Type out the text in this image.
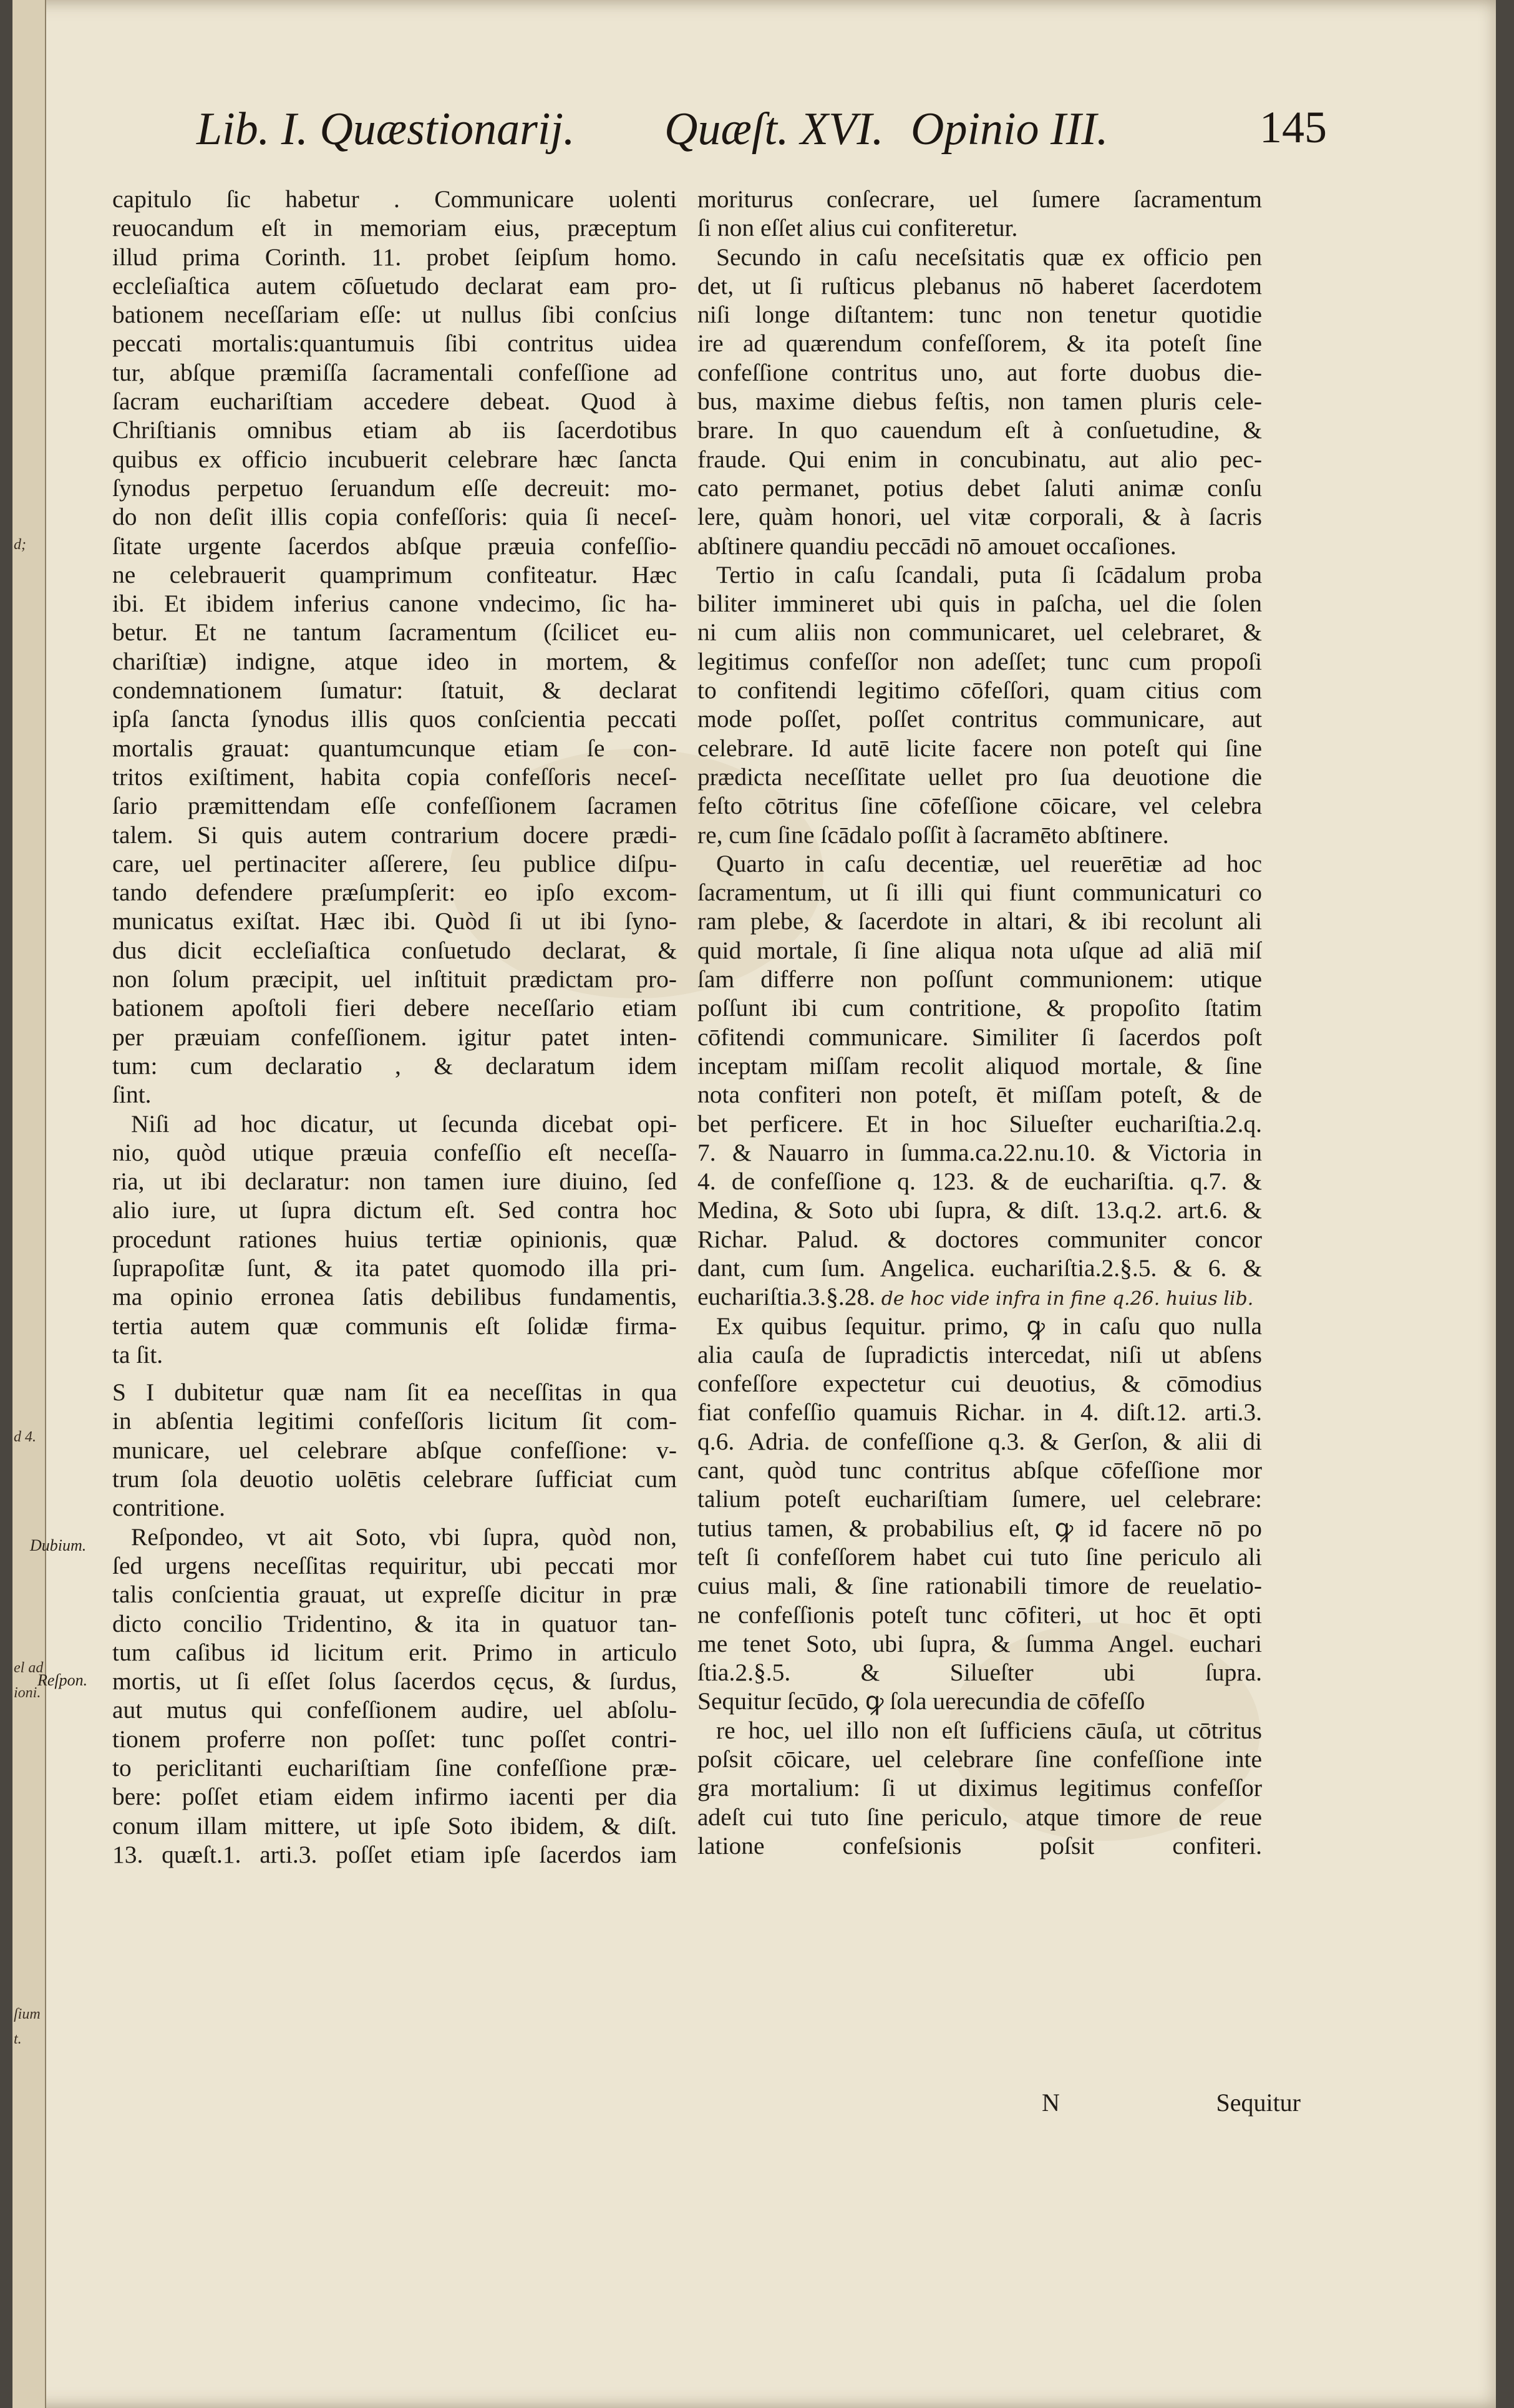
d;
d 4.
el ad
ioni.
ſium
t.
Lib. I. Quæstionarij. Quæſt. XVI. Opinio III.	145
Dubium.
Reſpon.
capitulo ſic habetur . Communicare uolenti
reuocandum eſt in memoriam eius, præceptum
illud prima Corinth. 11. probet ſeipſum homo.
eccleſiaſtica autem cōſuetudo declarat eam pro-
bationem neceſſariam eſſe: ut nullus ſibi conſcius
peccati mortalis:quantumuis ſibi contritus uidea
tur, abſque præmiſſa ſacramentali confeſſione ad
ſacram euchariſtiam accedere debeat. Quod à
Chriſtianis omnibus etiam ab iis ſacerdotibus
quibus ex officio incubuerit celebrare hæc ſancta
ſynodus perpetuo ſeruandum eſſe decreuit: mo-
do non deſit illis copia confeſſoris: quia ſi neceſ-
ſitate urgente ſacerdos abſque præuia confeſſio-
ne celebrauerit quamprimum confiteatur. Hæc
ibi. Et ibidem inferius canone vndecimo, ſic ha-
betur. Et ne tantum ſacramentum (ſcilicet eu-
chariſtiæ) indigne, atque ideo in mortem, &
condemnationem ſumatur: ſtatuit, & declarat
ipſa ſancta ſynodus illis quos conſcientia peccati
mortalis grauat: quantumcunque etiam ſe con-
tritos exiſtiment, habita copia confeſſoris neceſ-
ſario præmittendam eſſe confeſſionem ſacramen
talem. Si quis autem contrarium docere prædi-
care, uel pertinaciter aſſerere, ſeu publice diſpu-
tando defendere præſumpſerit: eo ipſo excom-
municatus exiſtat. Hæc ibi. Quòd ſi ut ibi ſyno-
dus dicit eccleſiaſtica conſuetudo declarat, &
non ſolum præcipit, uel inſtituit prædictam pro-
bationem apoſtoli fieri debere neceſſario etiam
per præuiam confeſſionem. igitur patet inten-
tum: cum declaratio , & declaratum idem
ſint.
Niſi ad hoc dicatur, ut ſecunda dicebat opi-
nio, quòd utique præuia confeſſio eſt neceſſa-
ria, ut ibi declaratur: non tamen iure diuino, ſed
alio iure, ut ſupra dictum eſt. Sed contra hoc
procedunt rationes huius tertiæ opinionis, quæ
ſuprapoſitæ ſunt, & ita patet quomodo illa pri-
ma opinio erronea ſatis debilibus fundamentis,
tertia autem quæ communis eſt ſolidæ firma-
ta ſit.
S I dubitetur quæ nam ſit ea neceſſitas in qua
in abſentia legitimi confeſſoris licitum ſit com-
municare, uel celebrare abſque confeſſione: v-
trum ſola deuotio uolētis celebrare ſufficiat cum
contritione.
Reſpondeo, vt ait Soto, vbi ſupra, quòd non,
ſed urgens neceſſitas requiritur, ubi peccati mor
talis conſcientia grauat, ut expreſſe dicitur in præ
dicto concilio Tridentino, & ita in quatuor tan-
tum caſibus id licitum erit. Primo in articulo
mortis, ut ſi eſſet ſolus ſacerdos cęcus, & ſurdus,
aut mutus qui confeſſionem audire, uel abſolu-
tionem proferre non poſſet: tunc poſſet contri-
to periclitanti euchariſtiam ſine confeſſione præ-
bere: poſſet etiam eidem infirmo iacenti per dia
conum illam mittere, ut ipſe Soto ibidem, & diſt.
13. quæſt.1. arti.3. poſſet etiam ipſe ſacerdos iam
moriturus conſecrare, uel ſumere ſacramentum
ſi non eſſet alius cui confiteretur.
Secundo in caſu neceſsitatis quæ ex officio pen
det, ut ſi ruſticus plebanus nō haberet ſacerdotem
niſi longe diſtantem: tunc non tenetur quotidie
ire ad quærendum confeſſorem, & ita poteſt ſine
confeſſione contritus uno, aut forte duobus die-
bus, maxime diebus feſtis, non tamen pluris cele-
brare. In quo cauendum eſt à conſuetudine, &
fraude. Qui enim in concubinatu, aut alio pec-
cato permanet, potius debet ſaluti animæ conſu
lere, quàm honori, uel vitæ corporali, & à ſacris
abſtinere quandiu peccādi nō amouet occaſiones.
Tertio in caſu ſcandali, puta ſi ſcādalum proba
biliter immineret ubi quis in paſcha, uel die ſolen
ni cum aliis non communicaret, uel celebraret, &
legitimus confeſſor non adeſſet; tunc cum propoſi
to confitendi legitimo cōfeſſori, quam citius com
mode poſſet, poſſet contritus communicare, aut
celebrare. Id autē licite facere non poteſt qui ſine
prædicta neceſſitate uellet pro ſua deuotione die
feſto cōtritus ſine cōfeſſione cōicare, vel celebra
re, cum ſine ſcādalo poſſit à ſacramēto abſtinere.
Quarto in caſu decentiæ, uel reuerētiæ ad hoc
ſacramentum, ut ſi illi qui fiunt communicaturi co
ram plebe, & ſacerdote in altari, & ibi recolunt ali
quid mortale, ſi ſine aliqua nota uſque ad aliā miſ
ſam differre non poſſunt communionem: utique
poſſunt ibi cum contritione, & propoſito ſtatim
cōfitendi communicare. Similiter ſi ſacerdos poſt
inceptam miſſam recolit aliquod mortale, & ſine
nota confiteri non poteſt, ēt miſſam poteſt, & de
bet perficere. Et in hoc Silueſter euchariſtia.2.q.
7. & Nauarro in ſumma.ca.22.nu.10. & Victoria in
4. de confeſſione q. 123. & de euchariſtia. q.7. &
Medina, & Soto ubi ſupra, & diſt. 13.q.2. art.6. &
Richar. Palud. & doctores communiter concor
dant, cum ſum. Angelica. euchariſtia.2.§.5. & 6. &
euchariſtia.3.§.28. de hoc vide infra in fine q.26. huius lib.
Ex quibus ſequitur. primo, ꝙ in caſu quo nulla
alia cauſa de ſupradictis intercedat, niſi ut abſens
confeſſore expectetur cui deuotius, & cōmodius
fiat confeſſio quamuis Richar. in 4. diſt.12. arti.3.
q.6. Adria. de confeſſione q.3. & Gerſon, & alii di
cant, quòd tunc contritus abſque cōfeſſione mor
talium poteſt euchariſtiam ſumere, uel celebrare:
tutius tamen, & probabilius eſt, ꝙ id facere nō po
teſt ſi confeſſorem habet cui tuto ſine periculo ali
cuius mali, & ſine rationabili timore de reuelatio-
ne confeſſionis poteſt tunc cōfiteri, ut hoc ēt opti
me tenet Soto, ubi ſupra, & ſumma Angel. euchari
ſtia.2.§.5. & Silueſter ubi ſupra.
Sequitur ſecūdo, ꝙ ſola uerecundia de cōfeſſo
re hoc, uel illo non eſt ſufficiens cāuſa, ut cōtritus
poſsit cōicare, uel celebrare ſine confeſſione inte
gra mortalium: ſi ut diximus legitimus confeſſor
adeſt cui tuto ſine periculo, atque timore de reue
latione confeſsionis poſsit confiteri.
N	Sequitur
